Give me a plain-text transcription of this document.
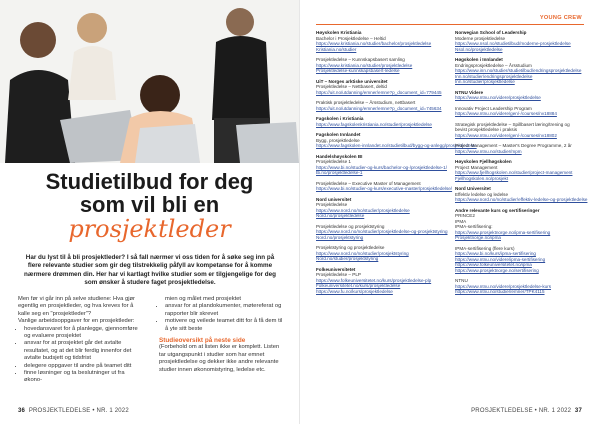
Studietilbud for deg
som vil bli en
prosjektleder
Har du lyst til å bli prosjektleder? I så fall nærmer vi oss tiden for å søke seg inn på flere relevante studier som gir deg tilstrekkelig påfyll av kompetanse for å komme nærmere drømmen din. Her har vi kartlagt hvilke studier som er tilgjengelige for deg som ønsker å studere faget prosjektledelse.
Men før vi går inn på selve studiene: Hva gjør egentlig en prosjektleder, og hva kreves for å kalle seg en "prosjektleder"?
Vanlige arbeidsoppgaver for en prosjektleder:
• hovedansvaret for å planlegge, gjennomføre og evaluere prosjektet
• ansvar for at prosjektet går det avtalte resultatet, og at det blir ferdig innenfor det avtalte budsjett og tidsfrist
• delegere oppgaver til andre på teamet ditt
• finne løsninger og ta beslutninger ut fra økono-
mien og målet med prosjektet
• ansvar for at plandokumenter, møtereferat og rapporter blir skrevet
• motivere og veilede teamet ditt for å få dem til å yte sitt beste
Studieoversikt på neste side
(Forbehold om at listen ikke er komplett. Listen tar utgangspunkt i studier som har emnet prosjektledelse og dekker ikke andre relevante studier innen økonomistyring, ledelse etc.
36 PROSJEKTLEDELSE • NR. 1 2022
YOUNG CREW
Høyskolen Kristiania
Bachelor i Prosjektledelse – Heltid
https://www.kristiania.no/studier/bachelor/prosjektledelse
Kristiania.no/studier
Prosjektledelse – Kunnskapsbasert samling
https://www.kristiania.no/studier/prosjektledelse
Prosjektledelse-kunnskapsbasert-ledelse
UiT – Norges arktiske universitet
Prosjektledelse – Nettbasert, deltid
https://uit.no/utdanning/emner/emne?p_document_id=779445
Praktisk prosjektledelse – Årsstudium, nettbasert
https://uit.no/utdanning/emner/emne?p_document_id=745634
Fagskolen i Kristiania
https://www.fagskolenkristiania.no/studier/prosjektledelse
Fagskolen Innlandet
Bygg, prosjektledelse
https://www.fagskolen-innlandet.no/studietilbud/bygg-og-anlegg/prosjektledelse
Handelshøyskolen BI
Prosjektledelse 1
https://www.bi.no/studier-og-kurs/bachelor-og-/prosjektledelse-1/
Bi.no/prosjektledelse-1
Prosjektledelse – Executive Master of Management
https://www.bi.no/studier-og-kurs/executive-master/prosjektledelse/
Nord universitet
Prosjektledelse
https://www.nord.no/no/studier/prosjektledelse
Nord.no/prosjektledelse
Prosjektledelse og prosjektstyring
https://www.nord.no/no/studier/prosjektledelse-og-prosjektstyring
Nord.no/prosjektstyring
Prosjektstyring og prosjektledelse
https://www.nord.no/no/studier/prosjektstyring
Nord.no/studier/prosjektstyring
Folkeuniversitetet
Prosjektledelse – PLP
https://www.folkeuniversitetet.no/kurs/prosjektledelse-plp
Folkeuniversitetet.no/kurs/prosjektledelse
https://www.fu.no/kurs/prosjektledelse
Norwegian School of Leadership
Moderne prosjektledelse
https://www.nsol.no/studietilbud/moderne-prosjektledelse
Nsol.no/prosjektledelse
Høgskolen i Innlandet
Endringsprosjektledelse – Årsstudium
https://www.inn.no/studier/studietilbud/endringsprosjektledelse
Inn.no/studier/endringsprosjektledelse
Inn.no/studier/prosjektledelse
NTNU Videre
https://www.ntnu.no/videre/prosjektledelse
Innovativ Project Leadership Program
https://www.ntnu.no/videre/gen/-/courses/nv18884
Strategisk prosjektledelse – Spillbasert læring/trening og bevist prosjektledelse i praksis
https://www.ntnu.no/videre/gen/-/courses/nv18802
Project Management – Master's Degree Programme, 2 år
https://www.ntnu.no/studier/mpm
Høyskolen Fjellhøgskolen
Project Management
https://www.fjellhogskolen.no/studier/project-management
Fjellhogskolen.no/prosjekt
Nord Universitet
Effektiv ledelse og ledelse
https://www.nord.no/no/studier/effektiv-ledelse-og-prosjektledelse
Andre relevante kurs og sertifiseringer
PRINCE2
IPMA
IPMA-sertifisering:
https://www.prosjektnorge.no/ipma-sertifisering
Prosjektnorge.no/ipma
IPMA-sertifisering (flere kurs)
https://www.bi.no/kurs/ipma-sertifisering
https://www.ntnu.no/videre/ipma-sertifisering
https://www.folkeuniversitetet.no/ipma
https://www.prosjektnorge.no/sertifisering
NTNU
https://www.ntnu.no/videre/prosjektledelse-kurs
https://www.ntnu.no/studier/emner/TPK4115
PROSJEKTLEDELSE • NR. 1 2022 37
